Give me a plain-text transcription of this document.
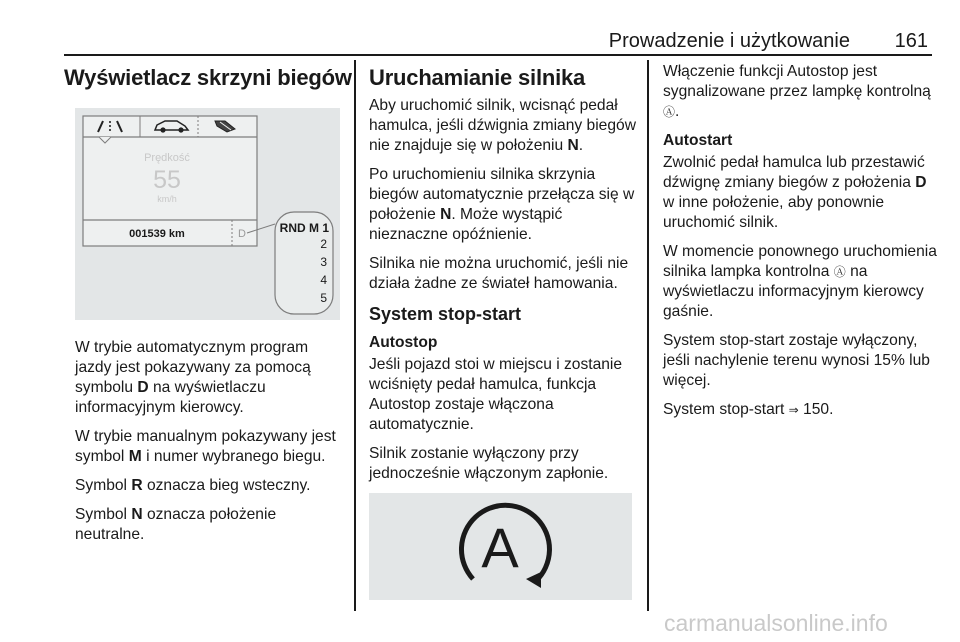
Prowadzenie i użytkowanie 161
Wyświetlacz skrzyni biegów
Prędkość
55
km/h
001539 km	D	RND M 1
2
3
4
5

W trybie automatycznym program jazdy jest pokazywany za pomocą symbolu D na wyświetlaczu informacyjnym kierowcy.

W trybie manualnym pokazywany jest symbol M i numer wybranego biegu.

Symbol R oznacza bieg wsteczny.

Symbol N oznacza położenie neutralne.

Uruchamianie silnika

Aby uruchomić silnik, wcisnąć pedał hamulca, jeśli dźwignia zmiany biegów nie znajduje się w położeniu N.

Po uruchomieniu silnika skrzynia biegów automatycznie przełącza się w położenie N. Może wystąpić nieznaczne opóźnienie.

Silnika nie można uruchomić, jeśli nie działa żadne ze świateł hamowania.

System stop-start
Autostop

Jeśli pojazd stoi w miejscu i zostanie wciśnięty pedał hamulca, funkcja Autostop zostaje włączona automatycznie.

Silnik zostanie wyłączony przy jednocześnie włączonym zapłonie.

A

Włączenie funkcji Autostop jest sygnalizowane przez lampkę kontrolną Ⓐ.

Autostart

Zwolnić pedał hamulca lub przestawić dźwignę zmiany biegów z położenia D w inne położenie, aby ponownie uruchomić silnik.

W momencie ponownego uruchomienia silnika lampka kontrolna Ⓐ na wyświetlaczu informacyjnym kierowcy gaśnie.

System stop-start zostaje wyłączony, jeśli nachylenie terenu wynosi 15% lub więcej.

System stop-start ⇒ 150.

carmanualsonline.info
